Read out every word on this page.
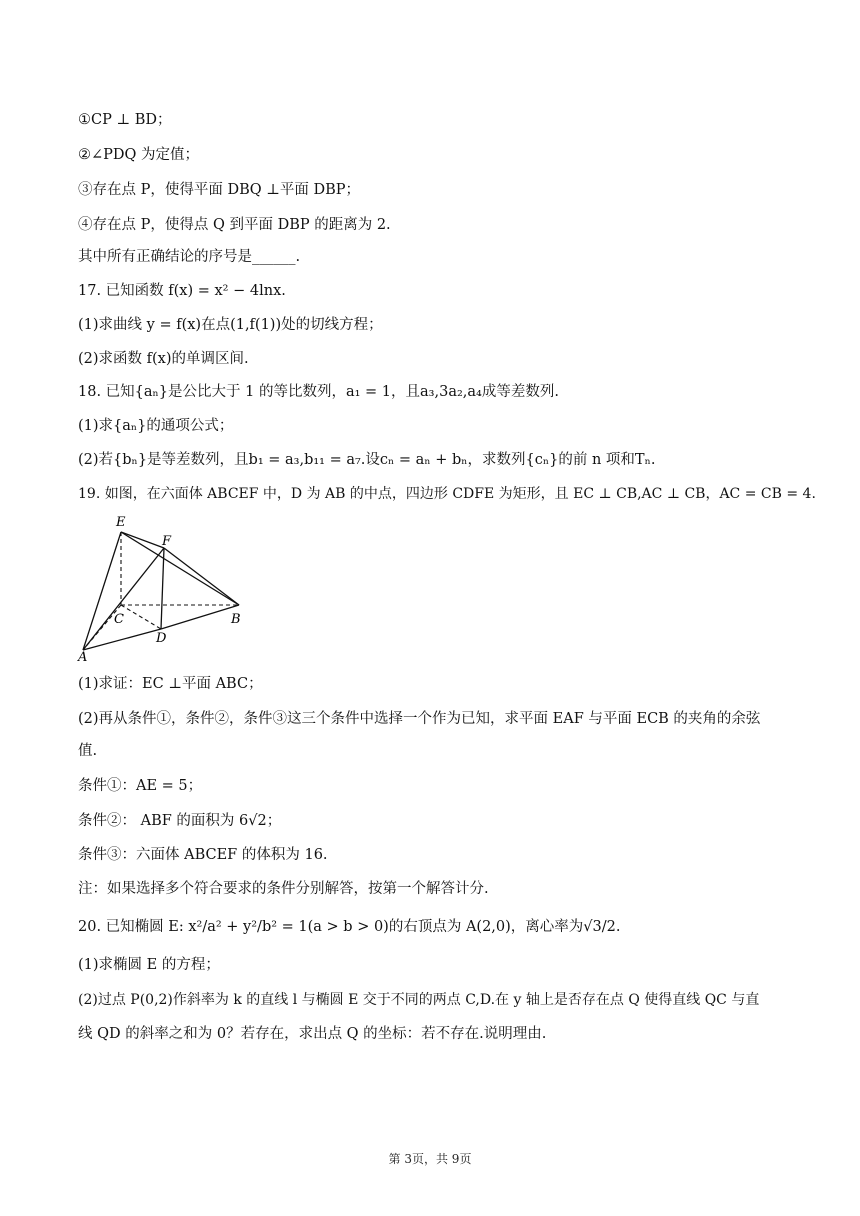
①CP ⊥ BD；
②∠PDQ 为定值；
③存在点 P，使得平面 DBQ ⊥平面 DBP；
④存在点 P，使得点 Q 到平面 DBP 的距离为 2.
其中所有正确结论的序号是______.
17. 已知函数 f(x) = x² − 4lnx.
(1)求曲线 y = f(x)在点(1,f(1))处的切线方程；
(2)求函数 f(x)的单调区间.
18. 已知{aₙ}是公比大于 1 的等比数列，a₁ = 1，且a₃,3a₂,a₄成等差数列.
(1)求{aₙ}的通项公式；
(2)若{bₙ}是等差数列，且b₁ = a₃,b₁₁ = a₇.设cₙ = aₙ + bₙ，求数列{cₙ}的前 n 项和Tₙ.
19. 如图，在六面体 ABCEF 中，D 为 AB 的中点，四边形 CDFE 为矩形，且 EC ⊥ CB,AC ⊥ CB，AC = CB = 4.
E
F
C
D
B
A
(1)求证：EC ⊥平面 ABC；
(2)再从条件①，条件②，条件③这三个条件中选择一个作为已知，求平面 EAF 与平面 ECB 的夹角的余弦
值.
条件①：AE = 5；
条件②： ABF 的面积为 6√2；
条件③：六面体 ABCEF 的体积为 16.
注：如果选择多个符合要求的条件分别解答，按第一个解答计分.
20. 已知椭圆 E: x²/a² + y²/b² = 1(a > b > 0)的右顶点为 A(2,0)，离心率为√3/2.
(1)求椭圆 E 的方程；
(2)过点 P(0,2)作斜率为 k 的直线 l 与椭圆 E 交于不同的两点 C,D.在 y 轴上是否存在点 Q 使得直线 QC 与直
线 QD 的斜率之和为 0？若存在，求出点 Q 的坐标：若不存在.说明理由.
第 3页，共 9页
